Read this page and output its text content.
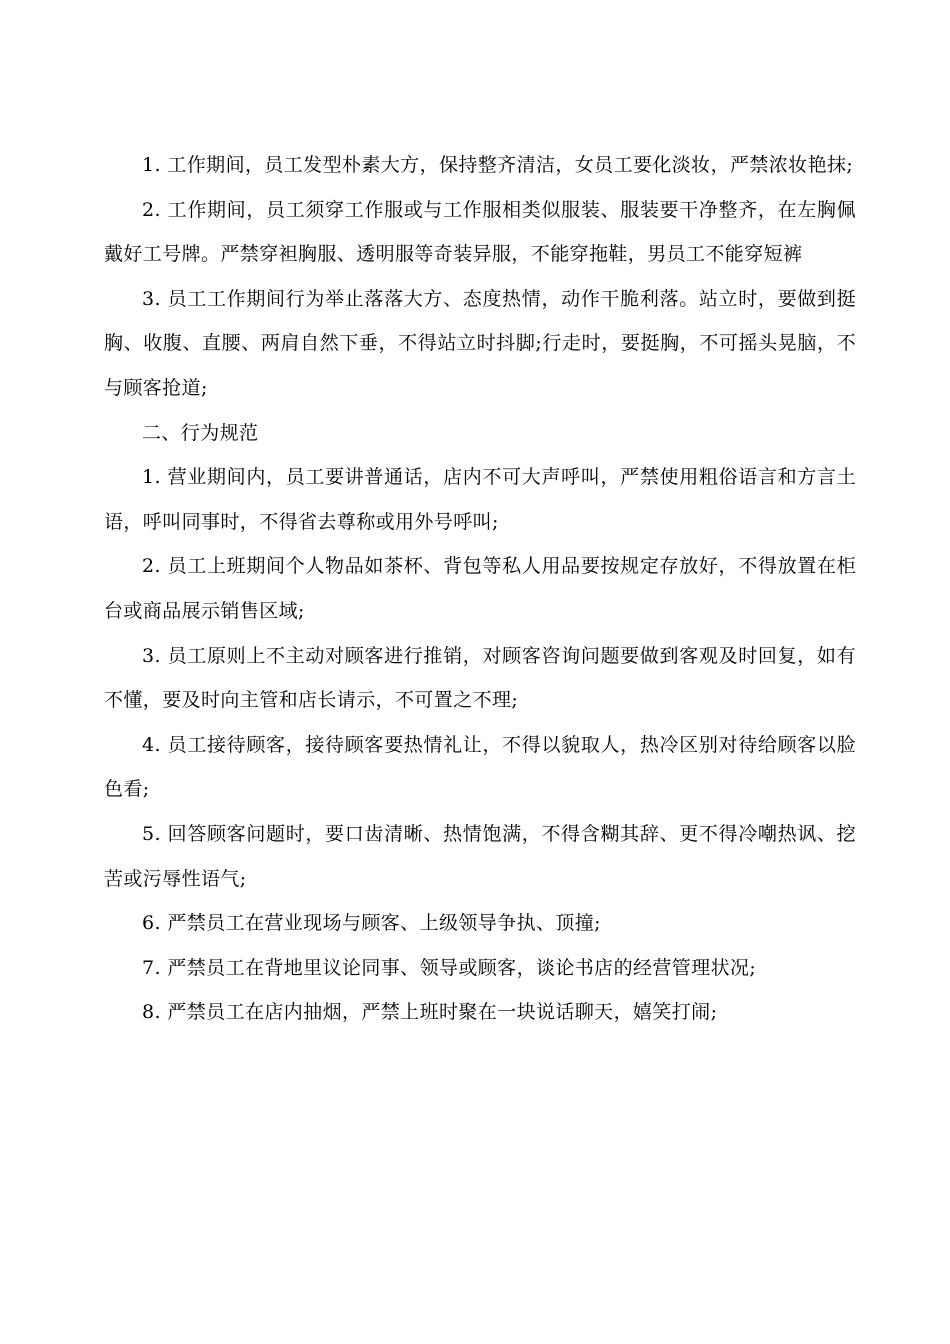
1. 工作期间，员工发型朴素大方，保持整齐清洁，女员工要化淡妆，严禁浓妆艳抹;

2. 工作期间，员工须穿工作服或与工作服相类似服装、服装要干净整齐，在左胸佩戴好工号牌。严禁穿袒胸服、透明服等奇装异服，不能穿拖鞋，男员工不能穿短裤

3. 员工工作期间行为举止落落大方、态度热情，动作干脆利落。站立时，要做到挺胸、收腹、直腰、两肩自然下垂，不得站立时抖脚;行走时，要挺胸，不可摇头晃脑，不与顾客抢道;

二、行为规范

1. 营业期间内，员工要讲普通话，店内不可大声呼叫，严禁使用粗俗语言和方言土语，呼叫同事时，不得省去尊称或用外号呼叫;

2. 员工上班期间个人物品如茶杯、背包等私人用品要按规定存放好，不得放置在柜台或商品展示销售区域;

3. 员工原则上不主动对顾客进行推销，对顾客咨询问题要做到客观及时回复，如有不懂，要及时向主管和店长请示，不可置之不理;

4. 员工接待顾客，接待顾客要热情礼让，不得以貌取人，热冷区别对待给顾客以脸色看;

5. 回答顾客问题时，要口齿清晰、热情饱满，不得含糊其辞、更不得冷嘲热讽、挖苦或污辱性语气;

6. 严禁员工在营业现场与顾客、上级领导争执、顶撞;

7. 严禁员工在背地里议论同事、领导或顾客，谈论书店的经营管理状况;

8. 严禁员工在店内抽烟，严禁上班时聚在一块说话聊天，嬉笑打闹;
